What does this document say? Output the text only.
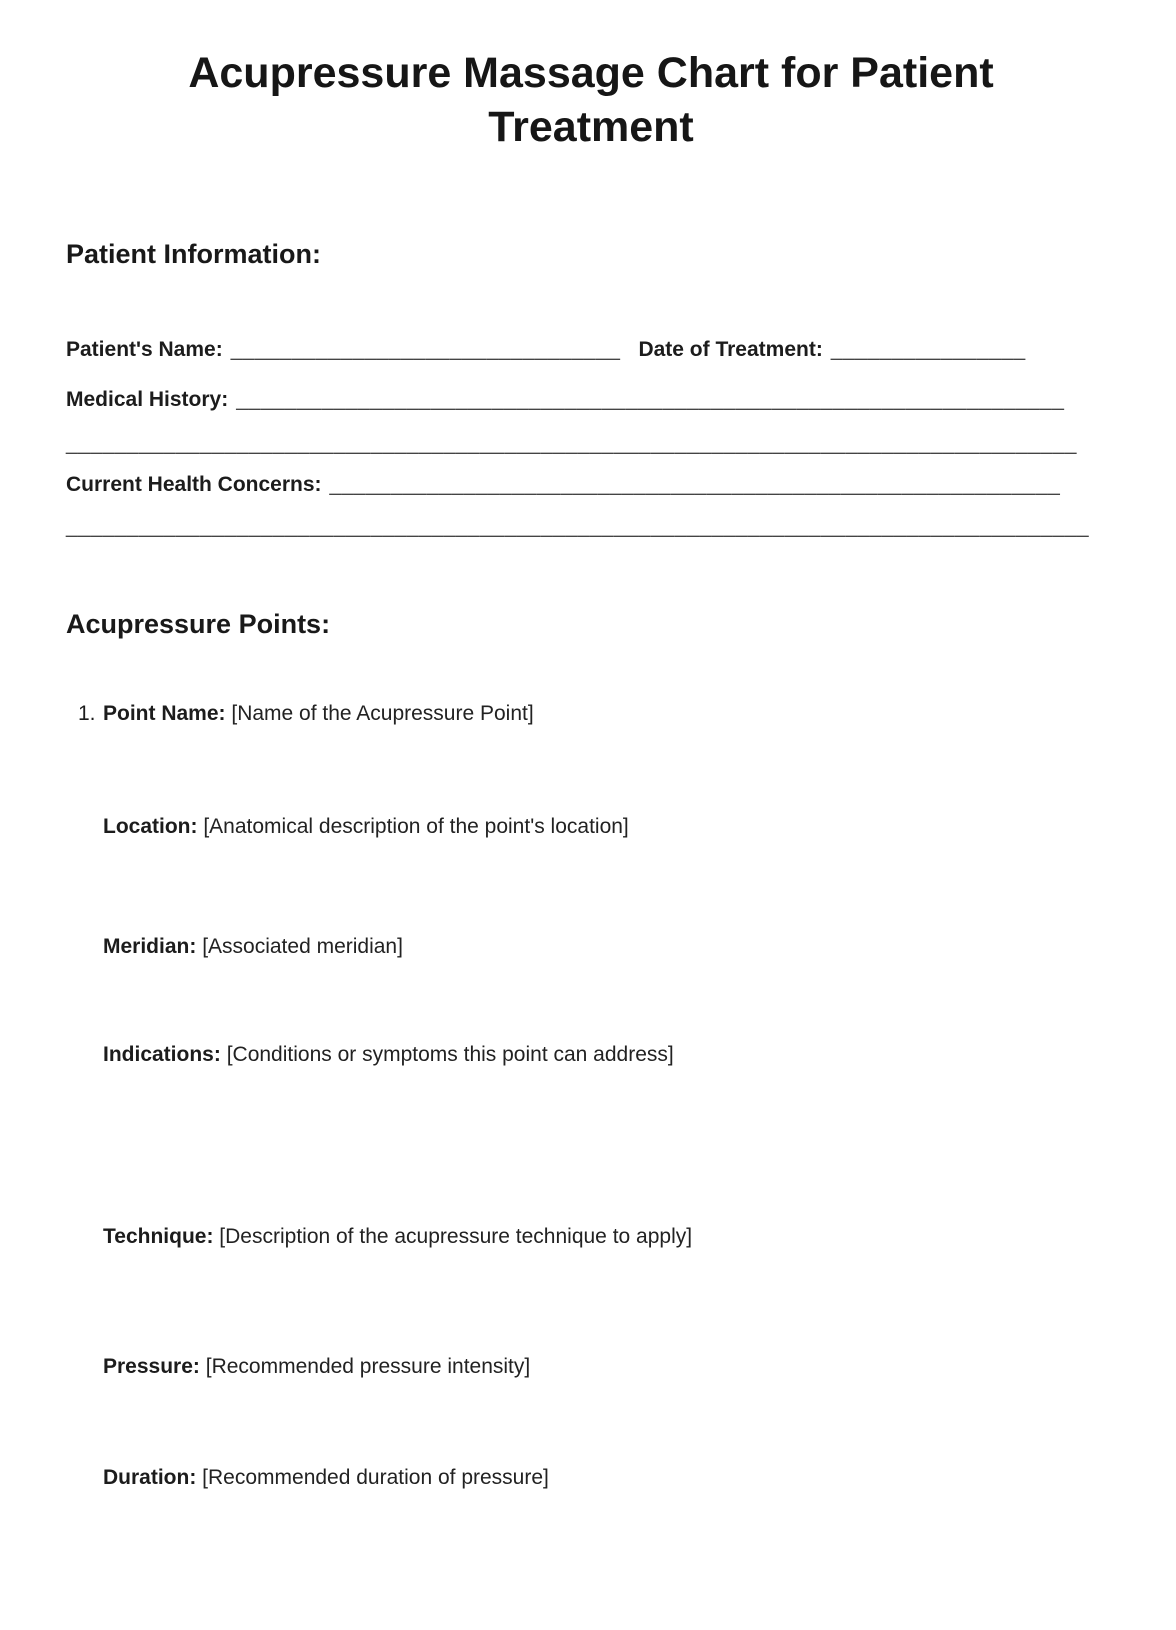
Acupressure Massage Chart for Patient Treatment
Patient Information:
Patient's Name: ________________________________ Date of Treatment: ________________
Medical History: ____________________________________________________________________
___________________________________________________________________________________
Current Health Concerns: ____________________________________________________________
____________________________________________________________________________________
Acupressure Points:
1. Point Name: [Name of the Acupressure Point]
Location: [Anatomical description of the point's location]
Meridian: [Associated meridian]
Indications: [Conditions or symptoms this point can address]
Technique: [Description of the acupressure technique to apply]
Pressure: [Recommended pressure intensity]
Duration: [Recommended duration of pressure]
